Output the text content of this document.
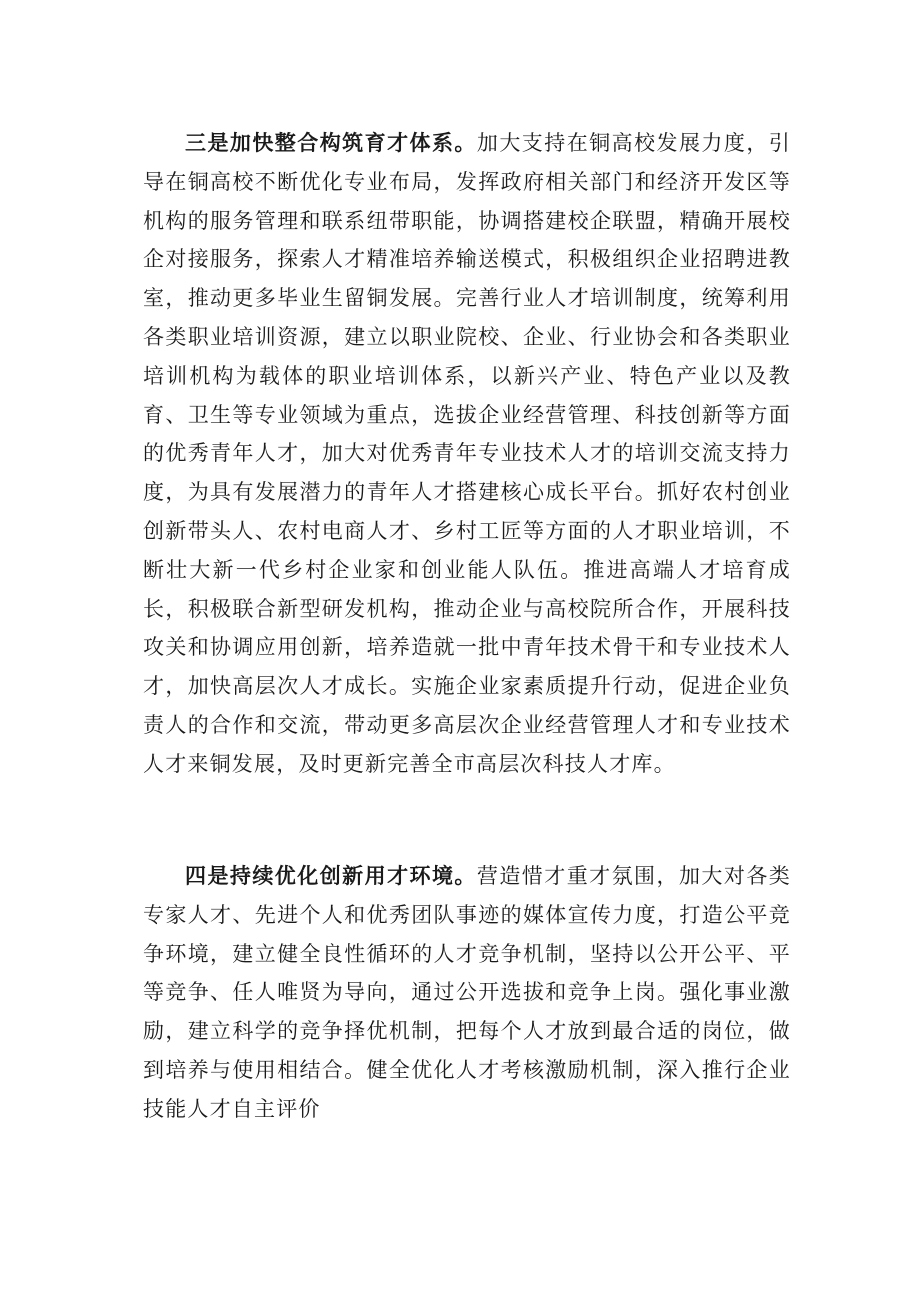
三是加快整合构筑育才体系。加大支持在铜高校发展力度，引导在铜高校不断优化专业布局，发挥政府相关部门和经济开发区等机构的服务管理和联系纽带职能，协调搭建校企联盟，精确开展校企对接服务，探索人才精准培养输送模式，积极组织企业招聘进教室，推动更多毕业生留铜发展。完善行业人才培训制度，统筹利用各类职业培训资源，建立以职业院校、企业、行业协会和各类职业培训机构为载体的职业培训体系，以新兴产业、特色产业以及教育、卫生等专业领域为重点，选拔企业经营管理、科技创新等方面的优秀青年人才，加大对优秀青年专业技术人才的培训交流支持力度，为具有发展潜力的青年人才搭建核心成长平台。抓好农村创业创新带头人、农村电商人才、乡村工匠等方面的人才职业培训，不断壮大新一代乡村企业家和创业能人队伍。推进高端人才培育成长，积极联合新型研发机构，推动企业与高校院所合作，开展科技攻关和协调应用创新，培养造就一批中青年技术骨干和专业技术人才，加快高层次人才成长。实施企业家素质提升行动，促进企业负责人的合作和交流，带动更多高层次企业经营管理人才和专业技术人才来铜发展，及时更新完善全市高层次科技人才库。

四是持续优化创新用才环境。营造惜才重才氛围，加大对各类专家人才、先进个人和优秀团队事迹的媒体宣传力度，打造公平竞争环境，建立健全良性循环的人才竞争机制，坚持以公开公平、平等竞争、任人唯贤为导向，通过公开选拔和竞争上岗。强化事业激励，建立科学的竞争择优机制，把每个人才放到最合适的岗位，做到培养与使用相结合。健全优化人才考核激励机制，深入推行企业技能人才自主评价
